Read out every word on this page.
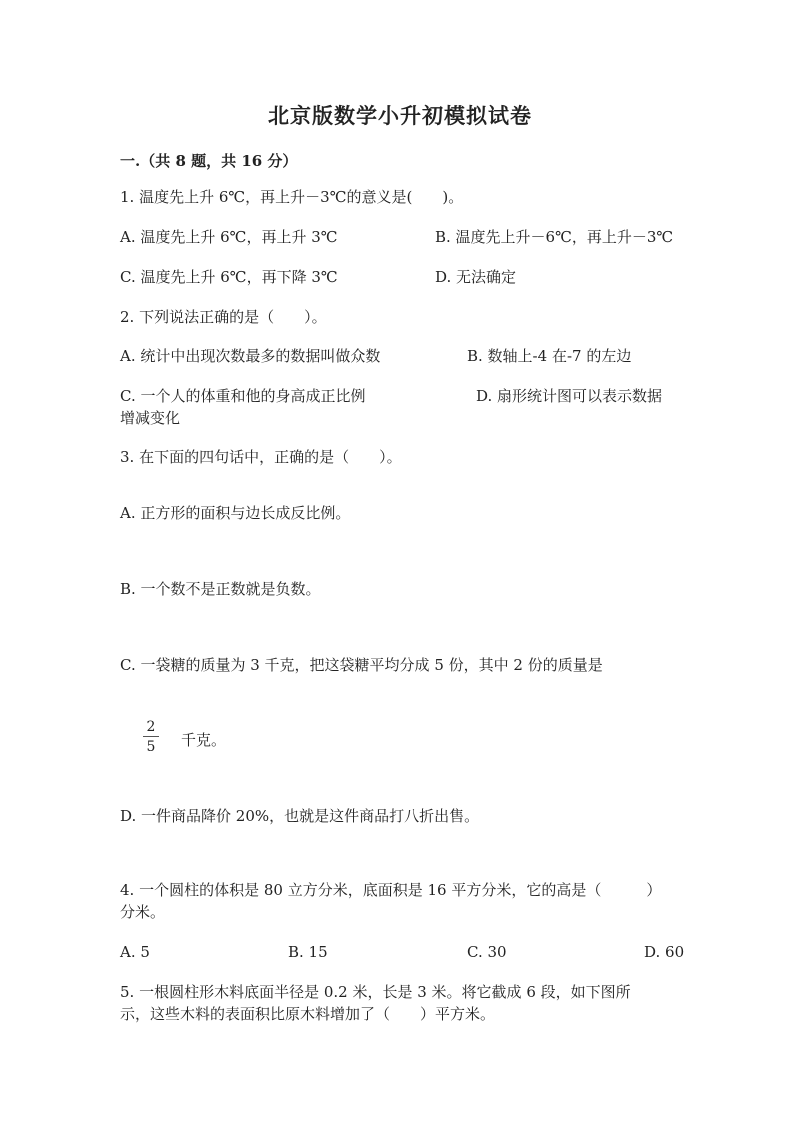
北京版数学小升初模拟试卷
一.（共 8 题，共 16 分）
1. 温度先上升 6℃，再上升－3℃的意义是(　　)。
A. 温度先上升 6℃，再上升 3℃	B. 温度先上升－6℃，再上升－3℃
C. 温度先上升 6℃，再下降 3℃	D. 无法确定
2. 下列说法正确的是（　　）。
A. 统计中出现次数最多的数据叫做众数	B. 数轴上-4 在-7 的左边
C. 一个人的体重和他的身高成正比例	D. 扇形统计图可以表示数据
增减变化
3. 在下面的四句话中，正确的是（　　）。
A. 正方形的面积与边长成反比例。
B. 一个数不是正数就是负数。
C. 一袋糖的质量为 3 千克，把这袋糖平均分成 5 份，其中 2 份的质量是
2
5 千克。
D. 一件商品降价 20%，也就是这件商品打八折出售。
4. 一个圆柱的体积是 80 立方分米，底面积是 16 平方分米，它的高是（　　　）
分米。
A. 5	B. 15	C. 30	D. 60
5. 一根圆柱形木料底面半径是 0.2 米，长是 3 米。将它截成 6 段，如下图所
示，这些木料的表面积比原木料增加了（　　）平方米。
